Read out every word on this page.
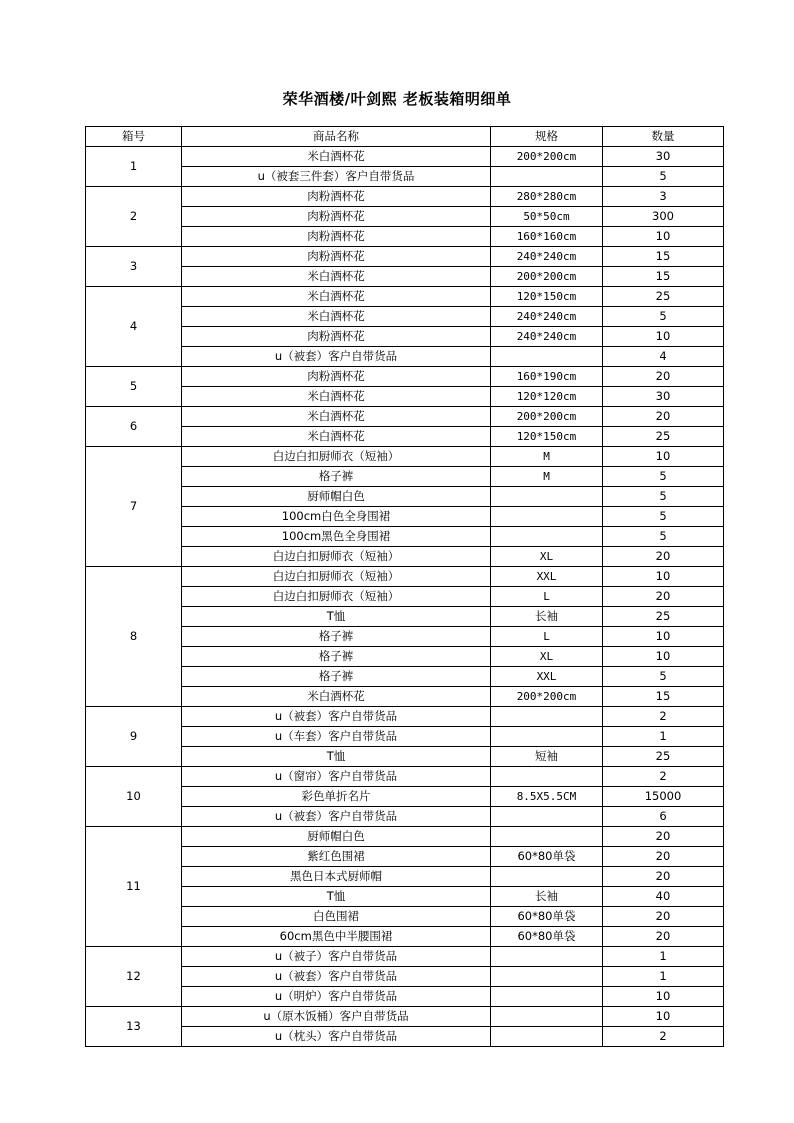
荣华酒楼/叶剑熙 老板装箱明细单
箱号	商品名称	规格	数量
1	米白酒杯花	200*200cm	30
	u（被套三件套）客户自带货品		5
2	肉粉酒杯花	280*280cm	3
	肉粉酒杯花	50*50cm	300
	肉粉酒杯花	160*160cm	10
3	肉粉酒杯花	240*240cm	15
	米白酒杯花	200*200cm	15
4	米白酒杯花	120*150cm	25
	米白酒杯花	240*240cm	5
	肉粉酒杯花	240*240cm	10
	u（被套）客户自带货品		4
5	肉粉酒杯花	160*190cm	20
	米白酒杯花	120*120cm	30
6	米白酒杯花	200*200cm	20
	米白酒杯花	120*150cm	25
7	白边白扣厨师衣（短袖）	M	10
	格子裤	M	5
	厨师帽白色		5
	100cm白色全身围裙		5
	100cm黑色全身围裙		5
	白边白扣厨师衣（短袖）	XL	20
8	白边白扣厨师衣（短袖）	XXL	10
	白边白扣厨师衣（短袖）	L	20
	T恤	长袖	25
	格子裤	L	10
	格子裤	XL	10
	格子裤	XXL	5
	米白酒杯花	200*200cm	15
9	u（被套）客户自带货品		2
	u（车套）客户自带货品		1
	T恤	短袖	25
10	u（窗帘）客户自带货品		2
	彩色单折名片	8.5X5.5CM	15000
	u（被套）客户自带货品		6
11	厨师帽白色		20
	紫红色围裙	60*80单袋	20
	黑色日本式厨师帽		20
	T恤	长袖	40
	白色围裙	60*80单袋	20
	60cm黑色中半腰围裙	60*80单袋	20
12	u（被子）客户自带货品		1
	u（被套）客户自带货品		1
	u（明炉）客户自带货品		10
13	u（原木饭桶）客户自带货品		10
	u（枕头）客户自带货品		2
